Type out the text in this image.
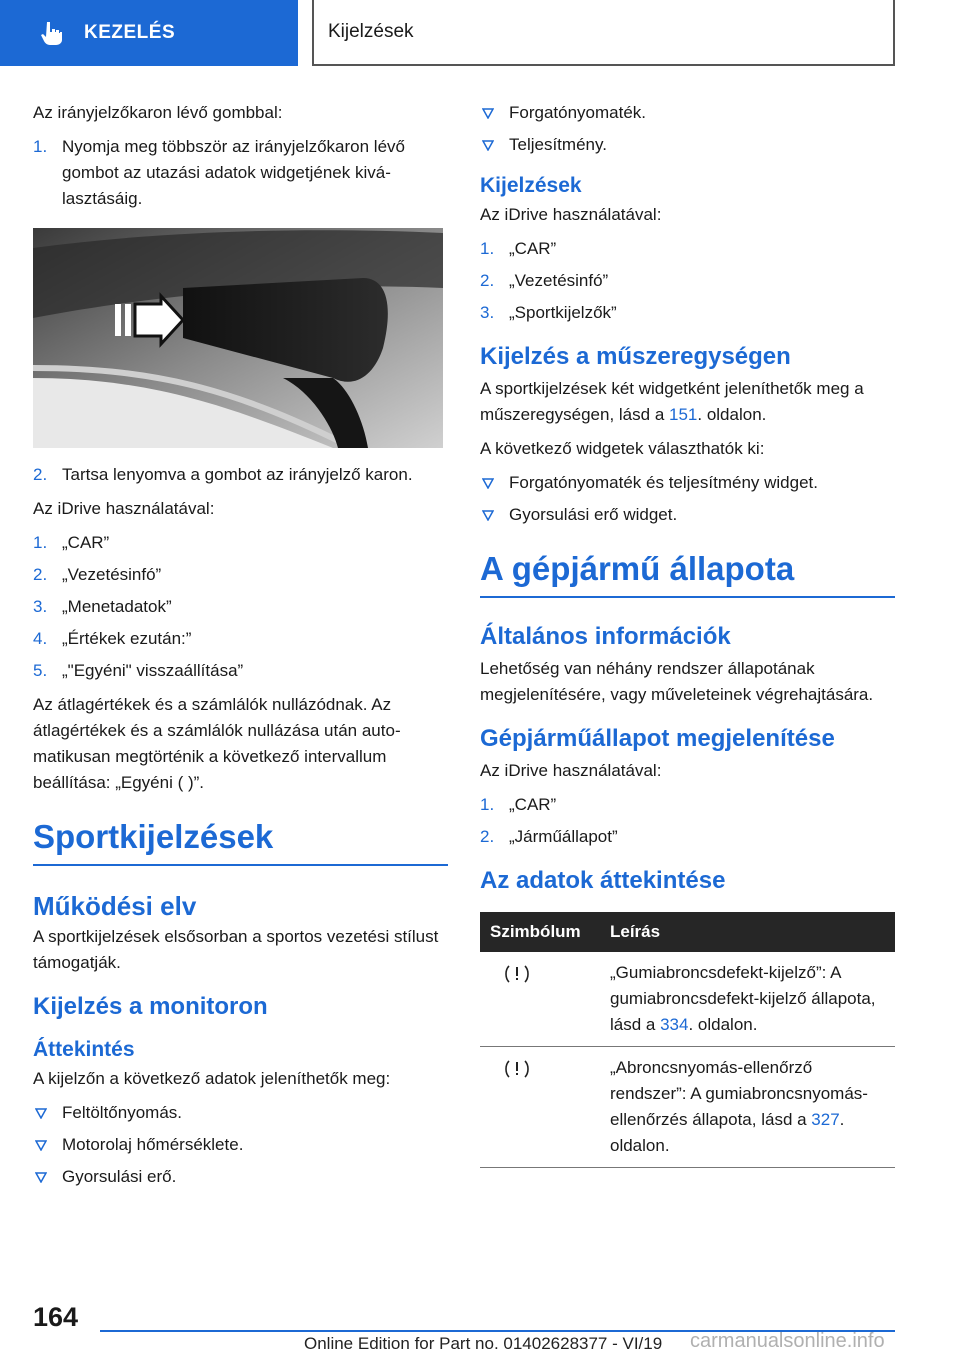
KEZELÉS	Kijelzések

Az irányjelzőkaron lévő gombbal:

1. Nyomja meg többször az irányjelzőkaron lévő gombot az utazási adatok widgetjének kiválasztásáig.
2. Tartsa lenyomva a gombot az irányjelző karon.

Az iDrive használatával:

1. „CAR”
2. „Vezetésinfó”
3. „Menetadatok”
4. „Értékek ezután:”
5. „"Egyéni" visszaállítása”

Az átlagértékek és a számlálók nullázódnak. Az átlagértékek és a számlálók nullázása után automatikusan megtörténik a következő intervallum beállítása: „Egyéni ( )”.

Sportkijelzések
Működési elv

A sportkijelzések elsősorban a sportos vezetési stílust támogatják.

Kijelzés a monitoron
Áttekintés

A kijelzőn a következő adatok jeleníthetők meg:

Feltöltőnyomás.
Motorolaj hőmérséklete.
Gyorsulási erő.
Forgatónyomaték.
Teljesítmény.
Kijelzések

Az iDrive használatával:

1. „CAR”
2. „Vezetésinfó”
3. „Sportkijelzők”
Kijelzés a műszeregységen

A sportkijelzések két widgetként jeleníthetők meg a műszeregységen, lásd a 151. oldalon.

A következő widgetek választhatók ki:

Forgatónyomaték és teljesítmény widget.
Gyorsulási erő widget.
A gépjármű állapota
Általános információk

Lehetőség van néhány rendszer állapotának megjelenítésére, vagy műveleteinek végrehajtására.

Gépjárműállapot megjelenítése

Az iDrive használatával:

1. „CAR”
2. „Járműállapot”
Az adatok áttekintése
Szimbólum	Leírás

	„Gumiabroncsdefekt-kijelző”: A gumiabroncsdefekt-kijelző állapota, lásd a 334. oldalon.

	„Abroncsnyomás-ellenőrző rendszer”: A gumiabroncsnyomás-ellenőrzés állapota, lásd a 327. oldalon.
164
Online Edition for Part no. 01402628377 - VI/19 carmanualsonline.info
